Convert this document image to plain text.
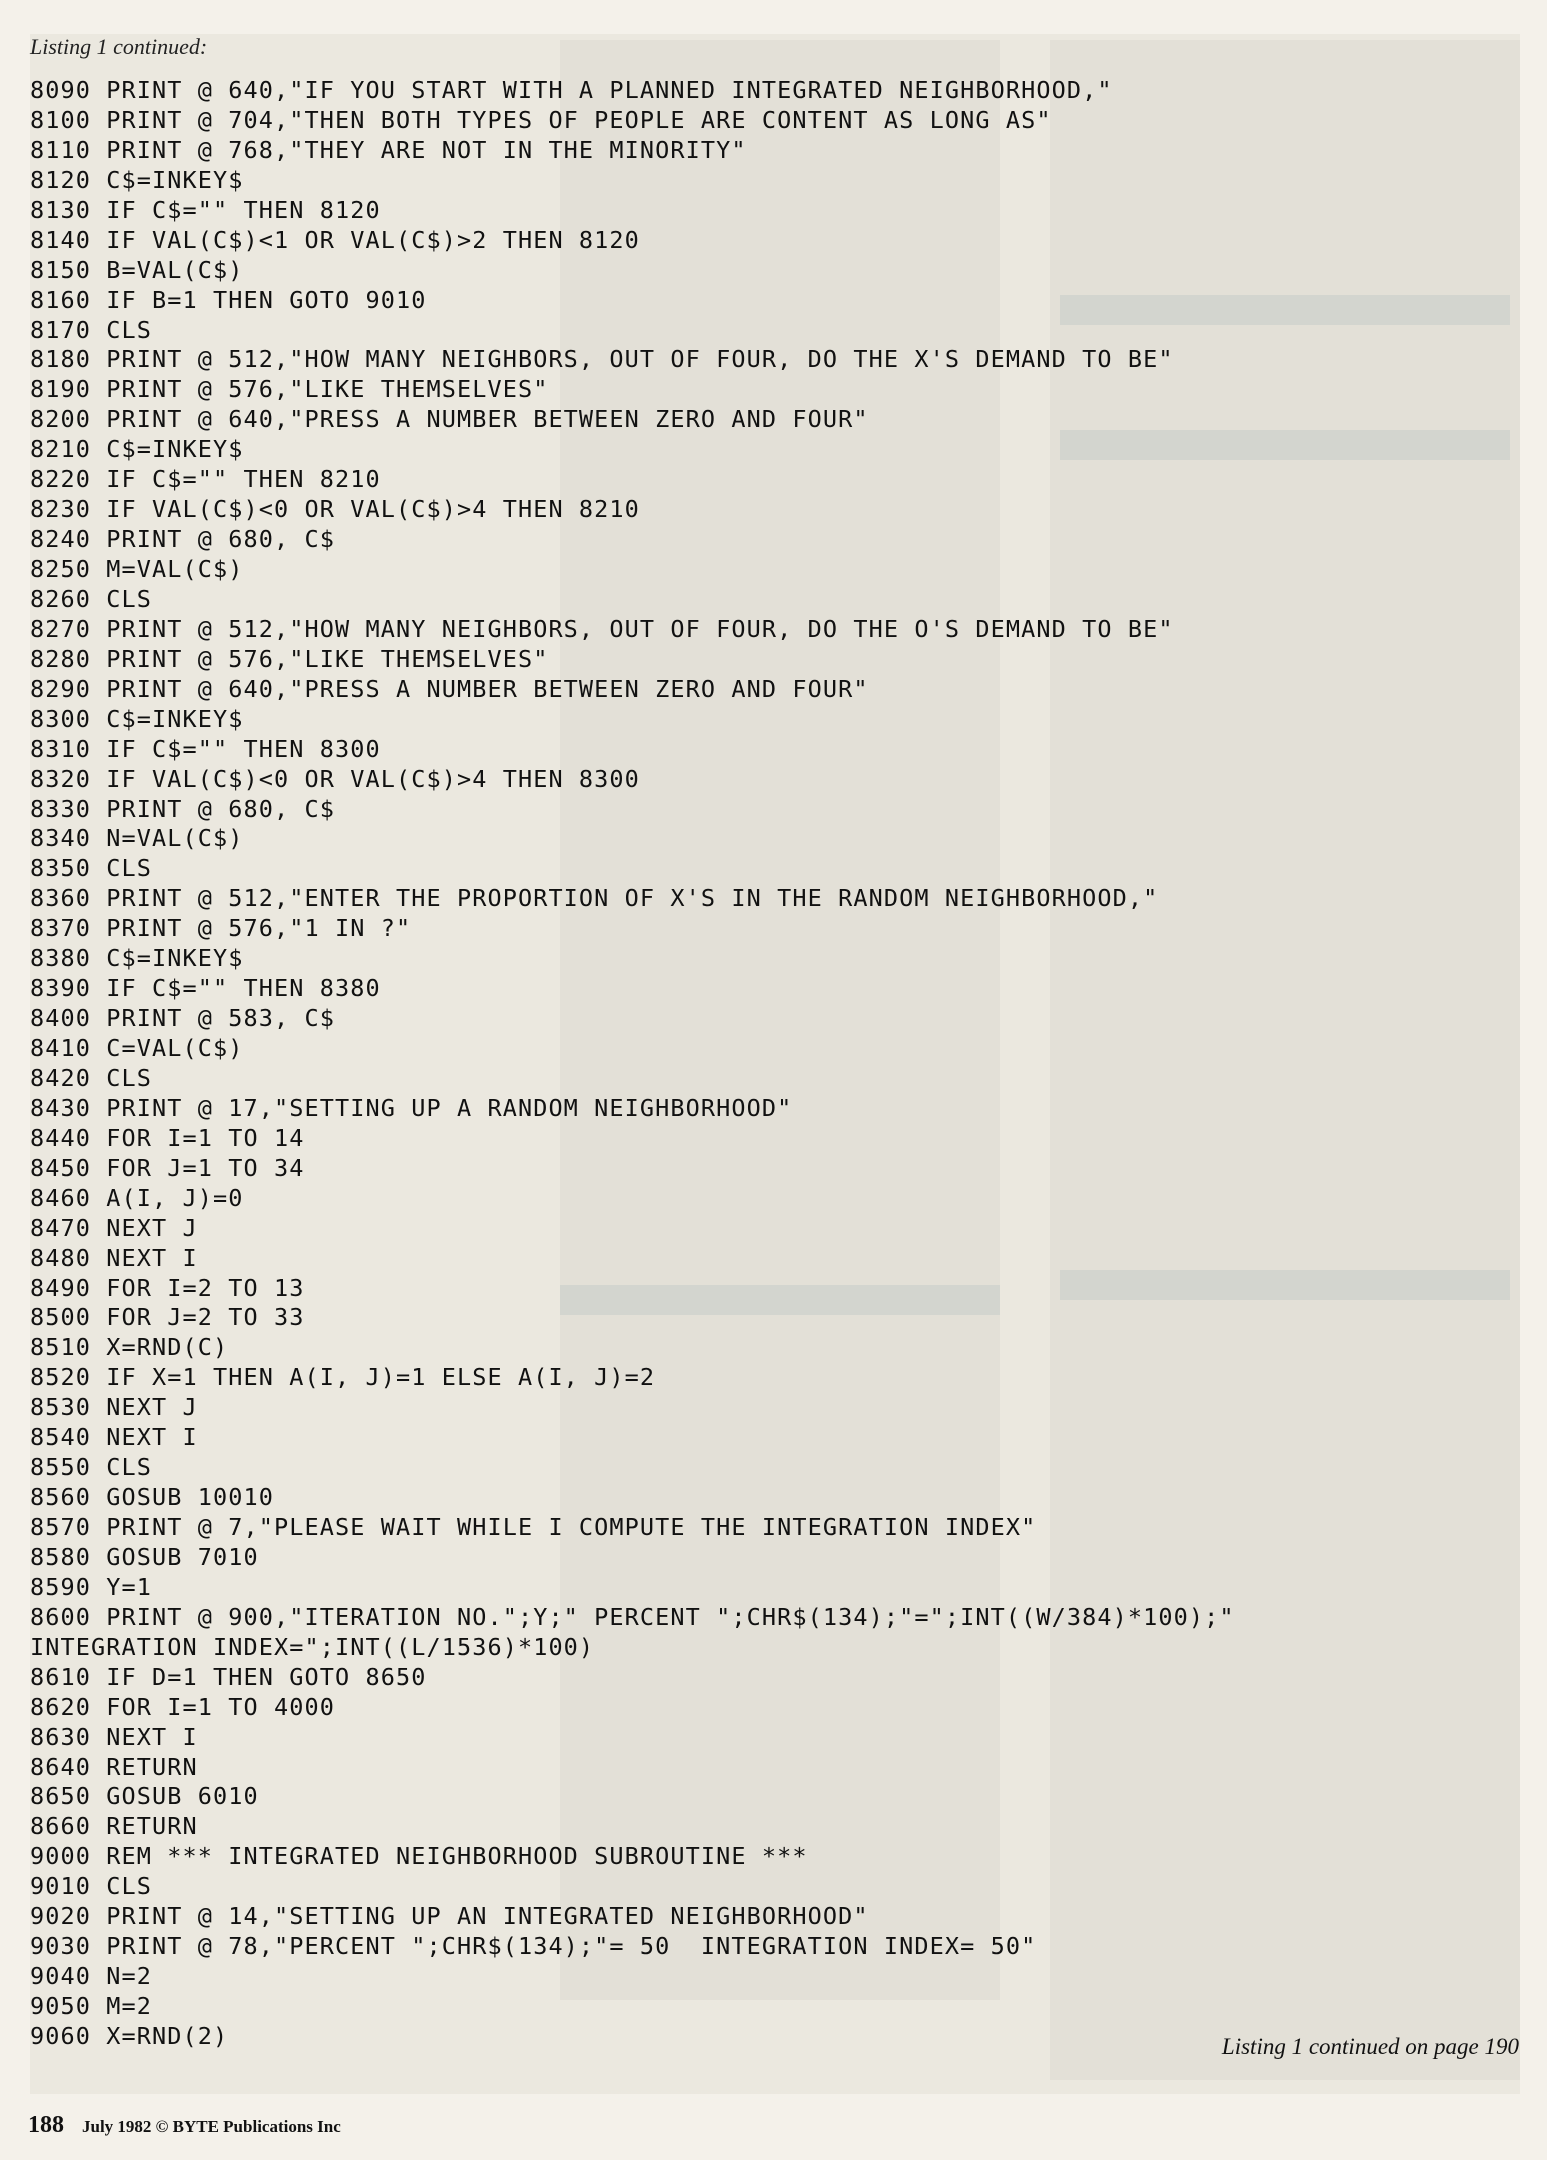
Listing 1 continued:
8090 PRINT @ 640,"IF YOU START WITH A PLANNED INTEGRATED NEIGHBORHOOD,"
8100 PRINT @ 704,"THEN BOTH TYPES OF PEOPLE ARE CONTENT AS LONG AS"
8110 PRINT @ 768,"THEY ARE NOT IN THE MINORITY"
8120 C$=INKEY$
8130 IF C$="" THEN 8120
8140 IF VAL(C$)<1 OR VAL(C$)>2 THEN 8120
8150 B=VAL(C$)
8160 IF B=1 THEN GOTO 9010
8170 CLS
8180 PRINT @ 512,"HOW MANY NEIGHBORS, OUT OF FOUR, DO THE X'S DEMAND TO BE"
8190 PRINT @ 576,"LIKE THEMSELVES"
8200 PRINT @ 640,"PRESS A NUMBER BETWEEN ZERO AND FOUR"
8210 C$=INKEY$
8220 IF C$="" THEN 8210
8230 IF VAL(C$)<0 OR VAL(C$)>4 THEN 8210
8240 PRINT @ 680, C$
8250 M=VAL(C$)
8260 CLS
8270 PRINT @ 512,"HOW MANY NEIGHBORS, OUT OF FOUR, DO THE O'S DEMAND TO BE"
8280 PRINT @ 576,"LIKE THEMSELVES"
8290 PRINT @ 640,"PRESS A NUMBER BETWEEN ZERO AND FOUR"
8300 C$=INKEY$
8310 IF C$="" THEN 8300
8320 IF VAL(C$)<0 OR VAL(C$)>4 THEN 8300
8330 PRINT @ 680, C$
8340 N=VAL(C$)
8350 CLS
8360 PRINT @ 512,"ENTER THE PROPORTION OF X'S IN THE RANDOM NEIGHBORHOOD,"
8370 PRINT @ 576,"1 IN ?"
8380 C$=INKEY$
8390 IF C$="" THEN 8380
8400 PRINT @ 583, C$
8410 C=VAL(C$)
8420 CLS
8430 PRINT @ 17,"SETTING UP A RANDOM NEIGHBORHOOD"
8440 FOR I=1 TO 14
8450 FOR J=1 TO 34
8460 A(I, J)=0
8470 NEXT J
8480 NEXT I
8490 FOR I=2 TO 13
8500 FOR J=2 TO 33
8510 X=RND(C)
8520 IF X=1 THEN A(I, J)=1 ELSE A(I, J)=2
8530 NEXT J
8540 NEXT I
8550 CLS
8560 GOSUB 10010
8570 PRINT @ 7,"PLEASE WAIT WHILE I COMPUTE THE INTEGRATION INDEX"
8580 GOSUB 7010
8590 Y=1
8600 PRINT @ 900,"ITERATION NO.";Y;" PERCENT ";CHR$(134);"=";INT((W/384)*100);"
INTEGRATION INDEX=";INT((L/1536)*100)
8610 IF D=1 THEN GOTO 8650
8620 FOR I=1 TO 4000
8630 NEXT I
8640 RETURN
8650 GOSUB 6010
8660 RETURN
9000 REM *** INTEGRATED NEIGHBORHOOD SUBROUTINE ***
9010 CLS
9020 PRINT @ 14,"SETTING UP AN INTEGRATED NEIGHBORHOOD"
9030 PRINT @ 78,"PERCENT ";CHR$(134);"= 50  INTEGRATION INDEX= 50"
9040 N=2
9050 M=2
9060 X=RND(2)	Listing 1 continued on page 190
188 July 1982 © BYTE Publications Inc
